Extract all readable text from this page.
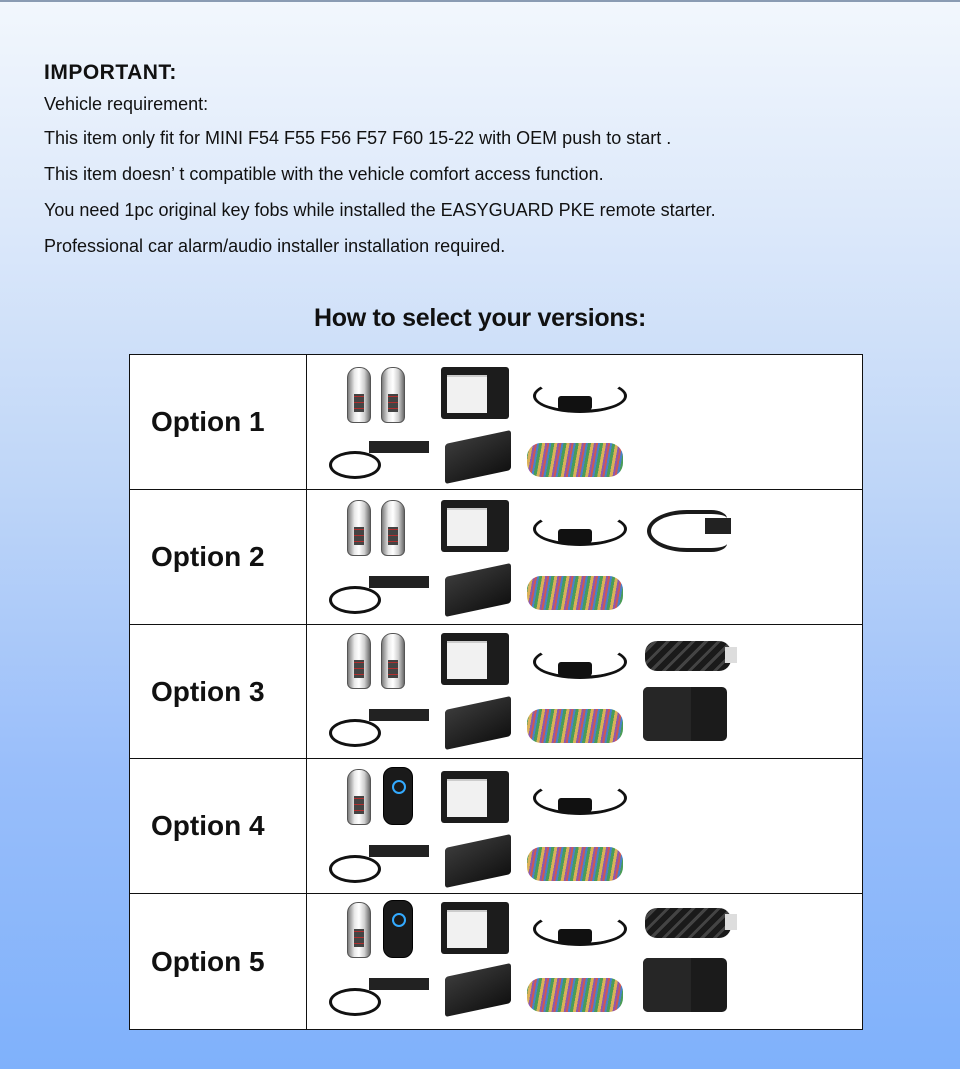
IMPORTANT:

Vehicle requirement:

This item only fit for MINI F54 F55 F56 F57 F60 15-22 with OEM push to start .

This item doesn’ t compatible with the vehicle comfort access function.

You need 1pc original key fobs while installed the EASYGUARD PKE remote starter.

Professional car alarm/audio installer installation required.

How to select your versions:
Option 1	

Option 2	

Option 3	

Option 4	

Option 5	
